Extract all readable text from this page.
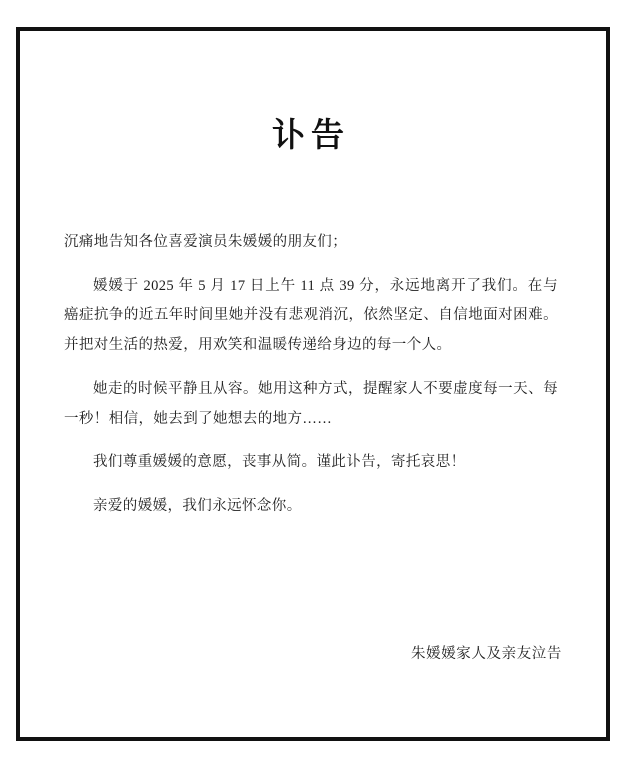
讣告

沉痛地告知各位喜爱演员朱媛媛的朋友们；

媛媛于 2025 年 5 月 17 日上午 11 点 39 分，永远地离开了我们。在与癌症抗争的近五年时间里她并没有悲观消沉，依然坚定、自信地面对困难。并把对生活的热爱，用欢笑和温暖传递给身边的每一个人。

她走的时候平静且从容。她用这种方式，提醒家人不要虚度每一天、每一秒！相信，她去到了她想去的地方……

我们尊重媛媛的意愿，丧事从简。谨此讣告，寄托哀思！

亲爱的媛媛，我们永远怀念你。

朱媛媛家人及亲友泣告
